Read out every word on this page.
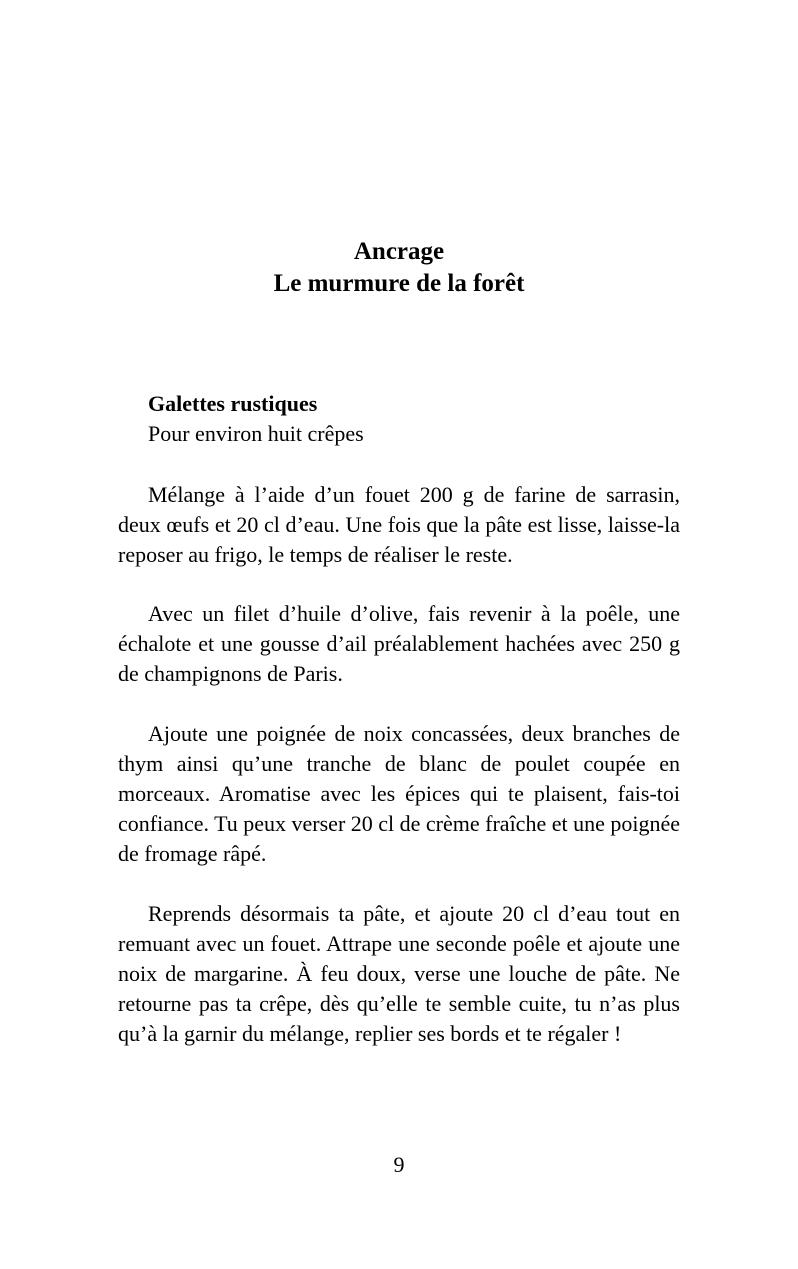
Ancrage
Le murmure de la forêt
Galettes rustiques
Pour environ huit crêpes

Mélange à l’aide d’un fouet 200 g de farine de sarrasin, deux œufs et 20 cl d’eau. Une fois que la pâte est lisse, laisse-la reposer au frigo, le temps de réaliser le reste.

Avec un filet d’huile d’olive, fais revenir à la poêle, une échalote et une gousse d’ail préalablement hachées avec 250 g de champignons de Paris.

Ajoute une poignée de noix concassées, deux branches de thym ainsi qu’une tranche de blanc de poulet coupée en morceaux. Aromatise avec les épices qui te plaisent, fais-toi confiance. Tu peux verser 20 cl de crème fraîche et une poignée de fromage râpé.

Reprends désormais ta pâte, et ajoute 20 cl d’eau tout en remuant avec un fouet. Attrape une seconde poêle et ajoute une noix de margarine. À feu doux, verse une louche de pâte. Ne retourne pas ta crêpe, dès qu’elle te semble cuite, tu n’as plus qu’à la garnir du mélange, replier ses bords et te régaler !

9
